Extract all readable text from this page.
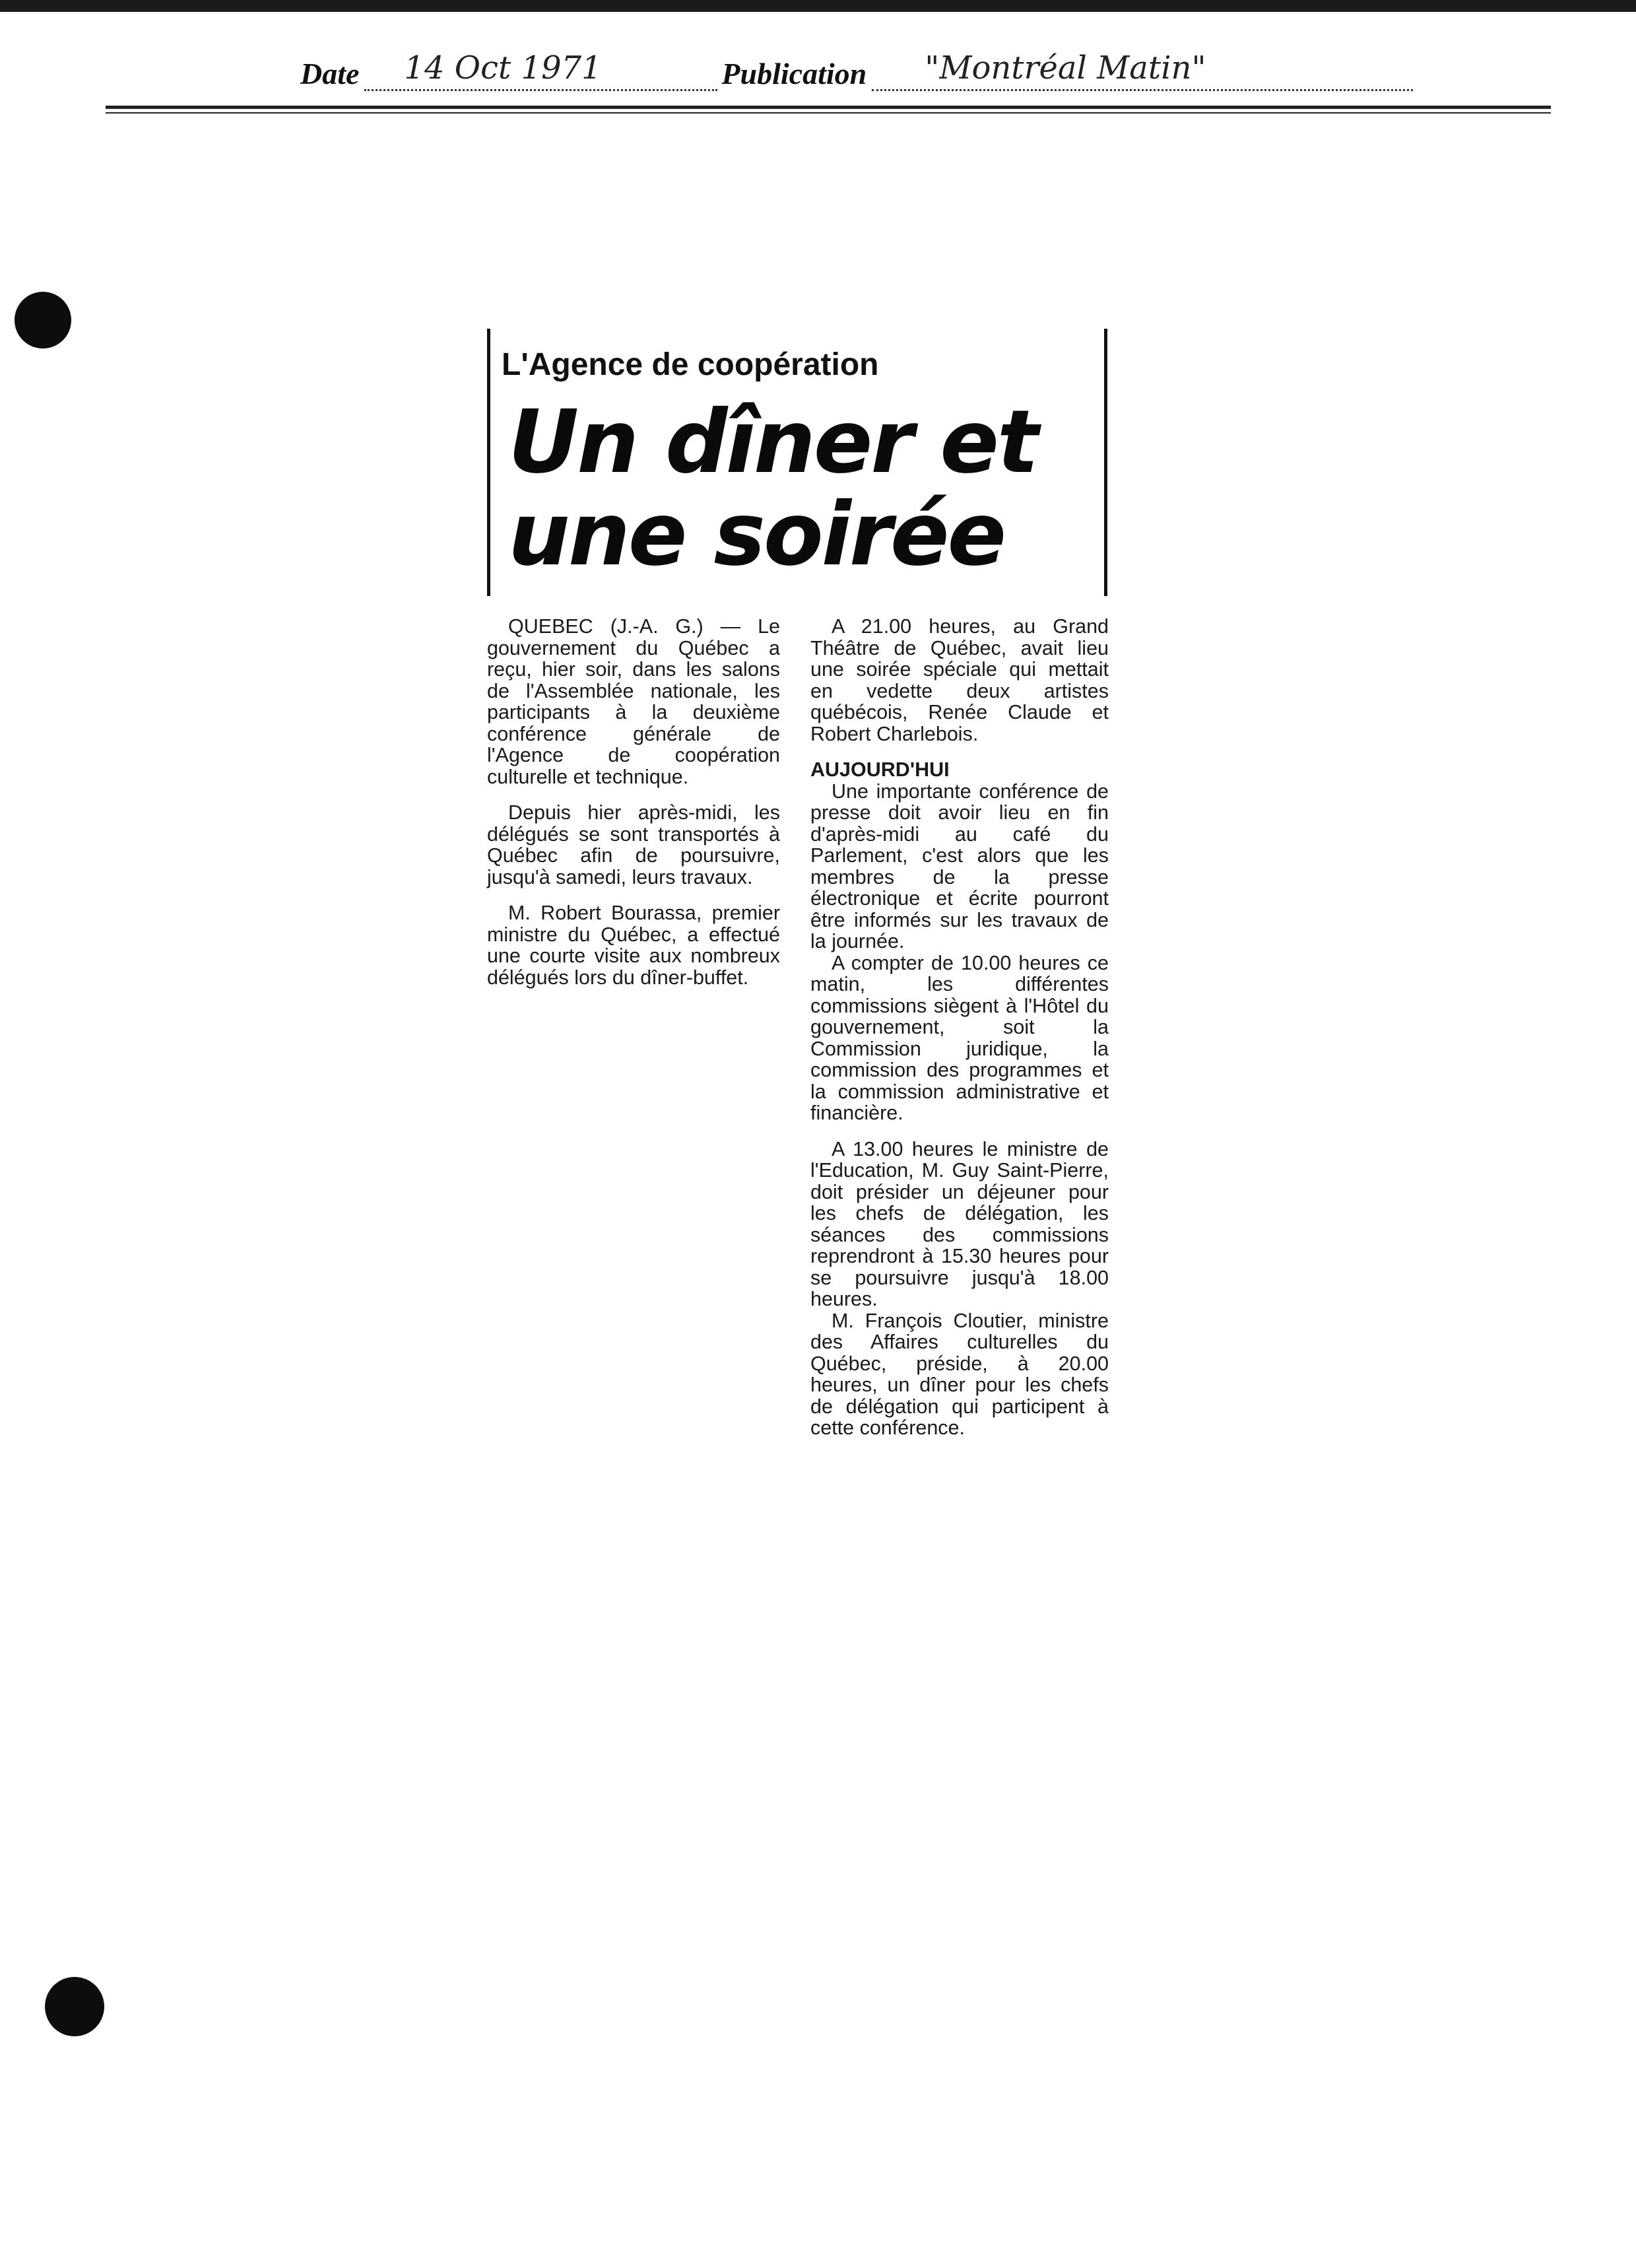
Date 14 Oct 1971	Publication "Montréal Matin"
L'Agence de coopération
Un dîner et
une soirée

QUEBEC (J.-A. G.) — Le gouvernement du Québec a reçu, hier soir, dans les salons de l'Assemblée nationale, les participants à la deuxième conférence générale de l'Agence de coopération culturelle et technique.

Depuis hier après-midi, les délégués se sont transportés à Québec afin de poursuivre, jusqu'à samedi, leurs travaux.

M. Robert Bourassa, premier ministre du Québec, a effectué une courte visite aux nombreux délégués lors du dîner-buffet.

A 21.00 heures, au Grand Théâtre de Québec, avait lieu une soirée spéciale qui mettait en vedette deux artistes québécois, Renée Claude et Robert Charlebois.

AUJOURD'HUI

Une importante conférence de presse doit avoir lieu en fin d'après-midi au café du Parlement, c'est alors que les membres de la presse électronique et écrite pourront être informés sur les travaux de la journée.

A compter de 10.00 heures ce matin, les différentes commissions siègent à l'Hôtel du gouvernement, soit la Commission juridique, la commission des programmes et la commission administrative et financière.

A 13.00 heures le ministre de l'Education, M. Guy Saint-Pierre, doit présider un déjeuner pour les chefs de délégation, les séances des commissions reprendront à 15.30 heures pour se poursuivre jusqu'à 18.00 heures.

M. François Cloutier, ministre des Affaires culturelles du Québec, préside, à 20.00 heures, un dîner pour les chefs de délégation qui participent à cette conférence.
